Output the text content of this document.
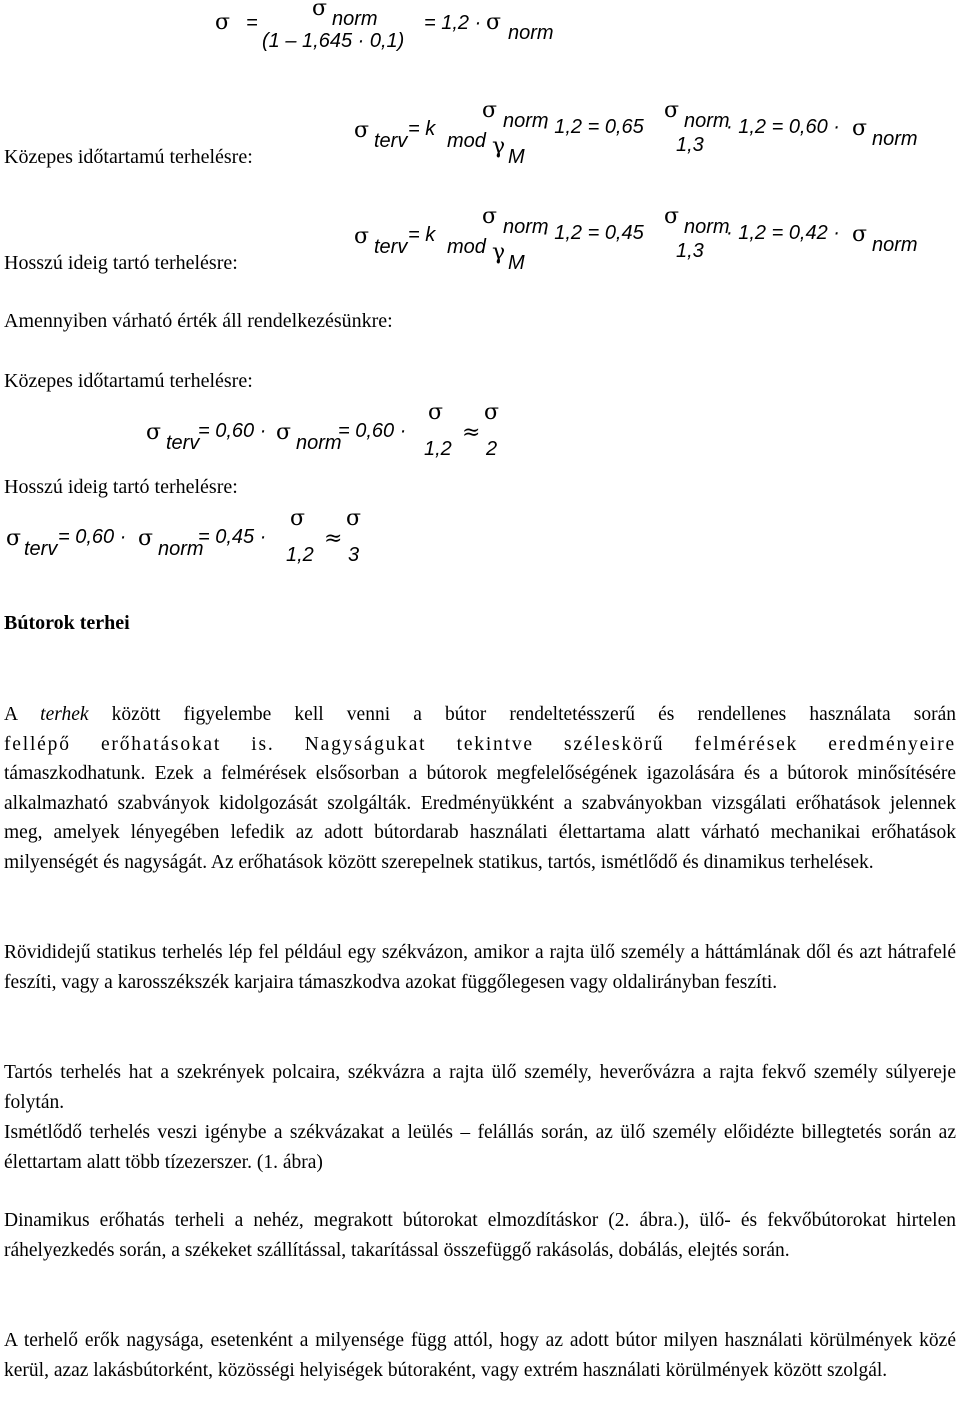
σ =
σ norm
(1 – 1,645 · 0,1)
= 1,2 · σ norm
Közepes időtartamú terhelésre:
σ terv
= k
mod
σ norm
γ M
· 1,2 = 0,65
σ norm
1,3
· 1,2 = 0,60 · σ norm
Hosszú ideig tartó terhelésre:
σ terv
= k
mod
σ norm
γ M
· 1,2 = 0,45
σ norm
1,3
· 1,2 = 0,42 · σ norm
Amennyiben várható érték áll rendelkezésünkre:
Közepes időtartamú terhelésre:
σ terv
= 0,60 · σ norm
= 0,60 ·
σ
1,2
≈
σ
2
Hosszú ideig tartó terhelésre:
σ terv
= 0,60 · σ norm
= 0,45 ·
σ
1,2
≈
σ
3
Bútorok terhei
A terhek között figyelembe kell venni a bútor rendeltetésszerű és rendellenes használata során
fellépő erőhatásokat is. Nagyságukat tekintve széleskörű felmérések eredményeire
támaszkodhatunk. Ezek a felmérések elsősorban a bútorok megfelelőségének igazolására és a bútorok minősítésére alkalmazható szabványok kidolgozását szolgálták. Eredményükként a szabványokban vizsgálati erőhatások jelennek meg, amelyek lényegében lefedik az adott bútordarab használati élettartama alatt várható mechanikai erőhatások milyenségét és nagyságát. Az erőhatások között szerepelnek statikus, tartós, ismétlődő és dinamikus terhelések.
Rövididejű statikus terhelés lép fel például egy székvázon, amikor a rajta ülő személy a háttámlának dől és azt hátrafelé feszíti, vagy a karosszékszék karjaira támaszkodva azokat függőlegesen vagy oldalirányban feszíti.
Tartós terhelés hat a szekrények polcaira, székvázra a rajta ülő személy, heverővázra a rajta fekvő személy súlyereje folytán.
Ismétlődő terhelés veszi igénybe a székvázakat a leülés – felállás során, az ülő személy előidézte billegtetés során az élettartam alatt több tízezerszer. (1. ábra)
Dinamikus erőhatás terheli a nehéz, megrakott bútorokat elmozdításkor (2. ábra.), ülő- és fekvőbútorokat hirtelen ráhelyezkedés során, a székeket szállítással, takarítással összefüggő rakásolás, dobálás, elejtés során.
A terhelő erők nagysága, esetenként a milyensége függ attól, hogy az adott bútor milyen használati körülmények közé kerül, azaz lakásbútorként, közösségi helyiségek bútoraként, vagy extrém használati körülmények között szolgál.
